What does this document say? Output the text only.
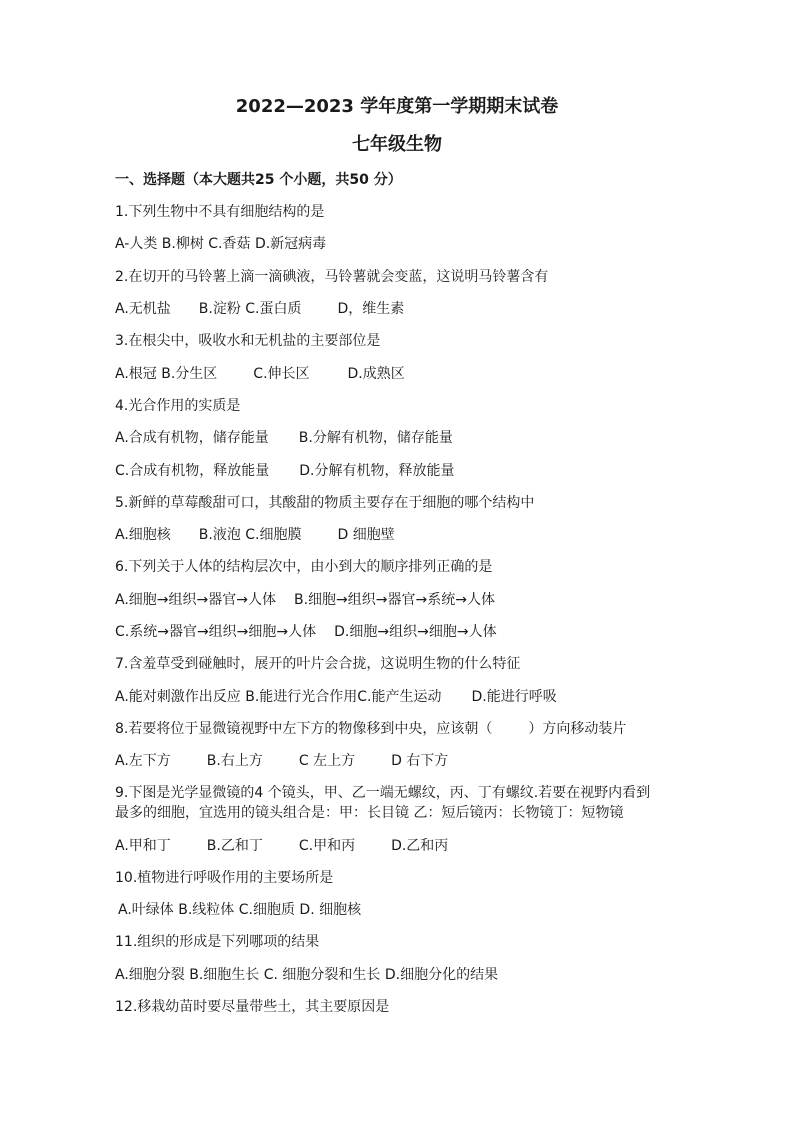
2022—2023 学年度第一学期期末试卷
七年级生物
一、选择题（本大题共25 个小题，共50 分）
1.下列生物中不具有细胞结构的是
A-人类 B.柳树 C.香菇 D.新冠病毒
2.在切开的马铃薯上滴一滴碘液，马铃薯就会变蓝，这说明马铃薯含有
A.无机盐 B.淀粉 C.蛋白质	D，维生素
3.在根尖中，吸收水和无机盐的主要部位是
A.根冠 B.分生区	C.伸长区	D.成熟区
4.光合作用的实质是
A.合成有机物，储存能量 B.分解有机物，储存能量
C.合成有机物，释放能量 D.分解有机物，释放能量
5.新鲜的草莓酸甜可口，其酸甜的物质主要存在于细胞的哪个结构中
A.细胞核 B.液泡 C.细胞膜	D 细胞壁
6.下列关于人体的结构层次中，由小到大的顺序排列正确的是
A.细胞→组织→器官→人体 B.细胞→组织→器官→系统→人体
C.系统→器官→组织→细胞→人体 D.细胞→组织→细胞→人体
7.含羞草受到碰触时，展开的叶片会合拢，这说明生物的什么特征
A.能对刺激作出反应 B.能进行光合作用C.能产生运动 D.能进行呼吸
8.若要将位于显微镜视野中左下方的物像移到中央，应该朝（	）方向移动装片
A.左下方	B.右上方	C 左上方	D 右下方
9.下图是光学显微镜的4 个镜头，甲、乙一端无螺纹，丙、丁有螺纹.若要在视野内看到
最多的细胞，宜选用的镜头组合是：甲：长目镜 乙：短后镜丙：长物镜丁：短物镜
A.甲和丁	B.乙和丁	C.甲和丙	D.乙和丙
10.植物进行呼吸作用的主要场所是
A.叶绿体 B.线粒体 C.细胞质 D. 细胞核
11.组织的形成是下列哪项的结果
A.细胞分裂 B.细胞生长 C. 细胞分裂和生长 D.细胞分化的结果
12.移栽幼苗时要尽量带些土，其主要原因是
